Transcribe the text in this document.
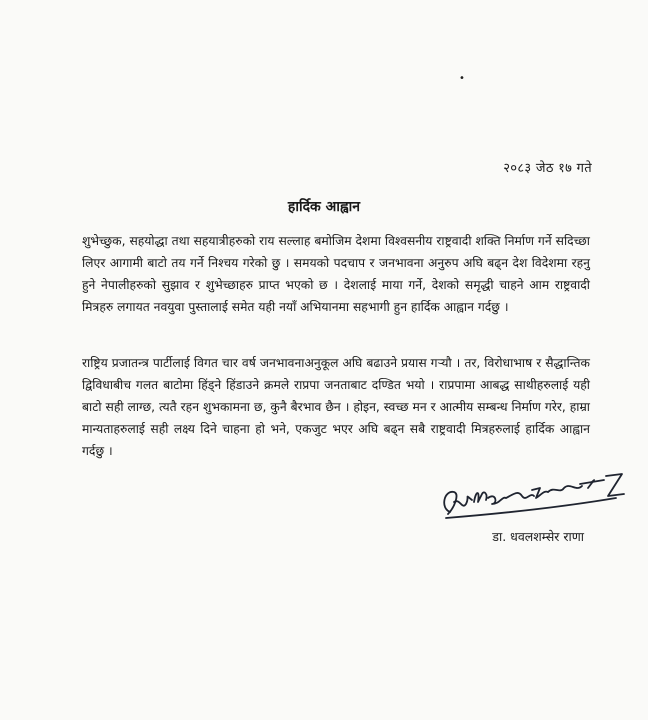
•
२०८३ जेठ १७ गते
हार्दिक आह्वान
शुभेच्छुक, सहयोद्धा तथा सहयात्रीहरुको राय सल्लाह बमोजिम देशमा विश्वसनीय राष्ट्रवादी शक्ति निर्माण गर्ने सदिच्छा लिएर आगामी बाटो तय गर्ने निश्चय गरेको छु । समयको पदचाप र जनभावना अनुरुप अघि बढ्न देश विदेशमा रहनु हुने नेपालीहरुको सुझाव र शुभेच्छाहरु प्राप्त भएको छ । देशलाई माया गर्ने, देशको समृद्धी चाहने आम राष्ट्रवादी मित्रहरु लगायत नवयुवा पुस्तालाई समेत यही नयाँ अभियानमा सहभागी हुन हार्दिक आह्वान गर्दछु ।
राष्ट्रिय प्रजातन्त्र पार्टीलाई विगत चार वर्ष जनभावनाअनुकूल अघि बढाउने प्रयास गर्‍यौ । तर, विरोधाभाष र सैद्धान्तिक द्विविधाबीच गलत बाटोमा हिंड्ने हिंडाउने क्रमले राप्रपा जनताबाट दण्डित भयो । राप्रपामा आबद्ध साथीहरुलाई यही बाटो सही लाग्छ, त्यतै रहन शुभकामना छ, कुनै बैरभाव छैन । होइन, स्वच्छ मन र आत्मीय सम्बन्ध निर्माण गरेर, हाम्रा मान्यताहरुलाई सही लक्ष्य दिने चाहना हो भने, एकजुट भएर अघि बढ्न सबै राष्ट्रवादी मित्रहरुलाई हार्दिक आह्वान गर्दछु ।
डा. धवलशम्सेर राणा
